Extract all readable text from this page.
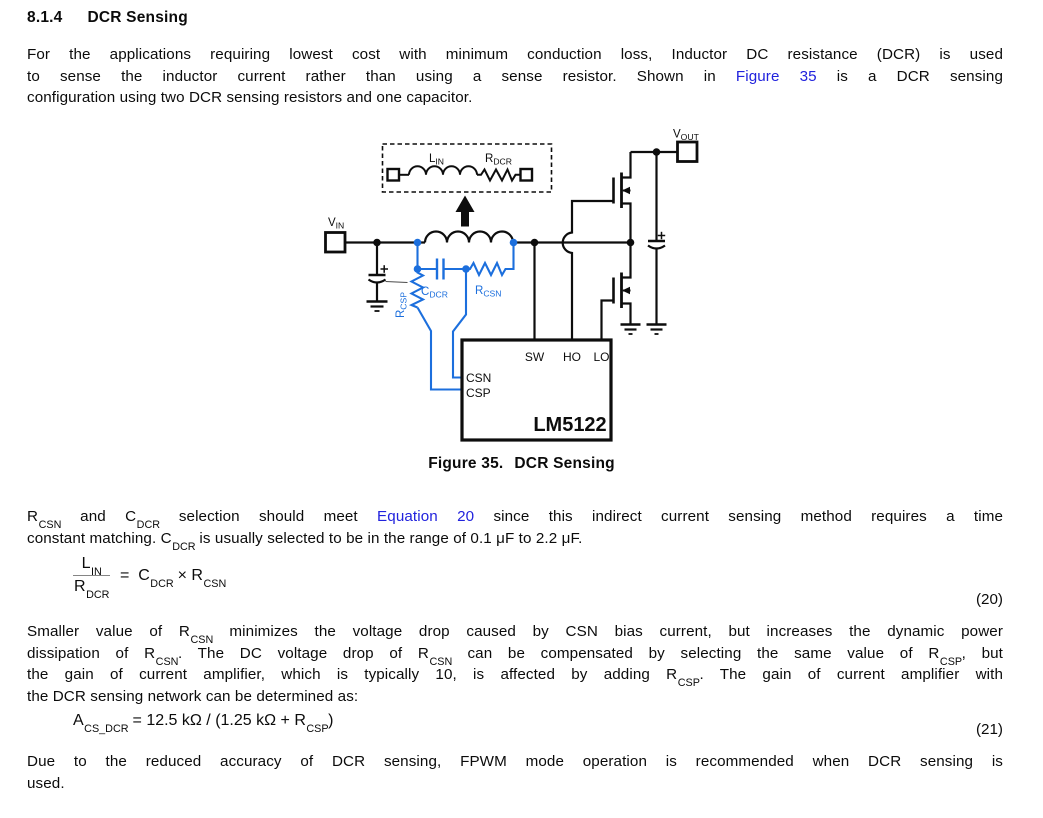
8.1.4 DCR Sensing
For the applications requiring lowest cost with minimum conduction loss, Inductor DC resistance (DCR) is used
to sense the inductor current rather than using a sense resistor. Shown in Figure 35 is a DCR sensing
configuration using two DCR sensing resistors and one capacitor.
$L_{IN}$	$R_{DCR}$
$V_{IN}$
$C_{DCR}$ $R_{CSN}$
$R_{CSP}$
$V_{OUT}$
SW HO LO
CSN
CSP
LM5122
Figure 35. DCR Sensing
$R_{CSN}$ and $C_{DCR}$ selection should meet Equation 20 since this indirect current sensing method requires a time
constant matching. $C_{DCR}$ is usually selected to be in the range of 0.1 μF to 2.2 μF.
$\frac{L_{IN}}{R_{DCR}} = C_{DCR} \times R_{CSN}$
(20)
Smaller value of $R_{CSN}$ minimizes the voltage drop caused by CSN bias current, but increases the dynamic power
dissipation of $R_{CSN}$. The DC voltage drop of $R_{CSN}$ can be compensated by selecting the same value of $R_{CSP}$, but
the gain of current amplifier, which is typically 10, is affected by adding $R_{CSP}$. The gain of current amplifier with
the DCR sensing network can be determined as:
$A_{CS\_DCR} = 12.5$ kΩ / (1.25 $k\Omega + R_{CSP}$)
(21)
Due to the reduced accuracy of DCR sensing, FPWM mode operation is recommended when DCR sensing is
used.
